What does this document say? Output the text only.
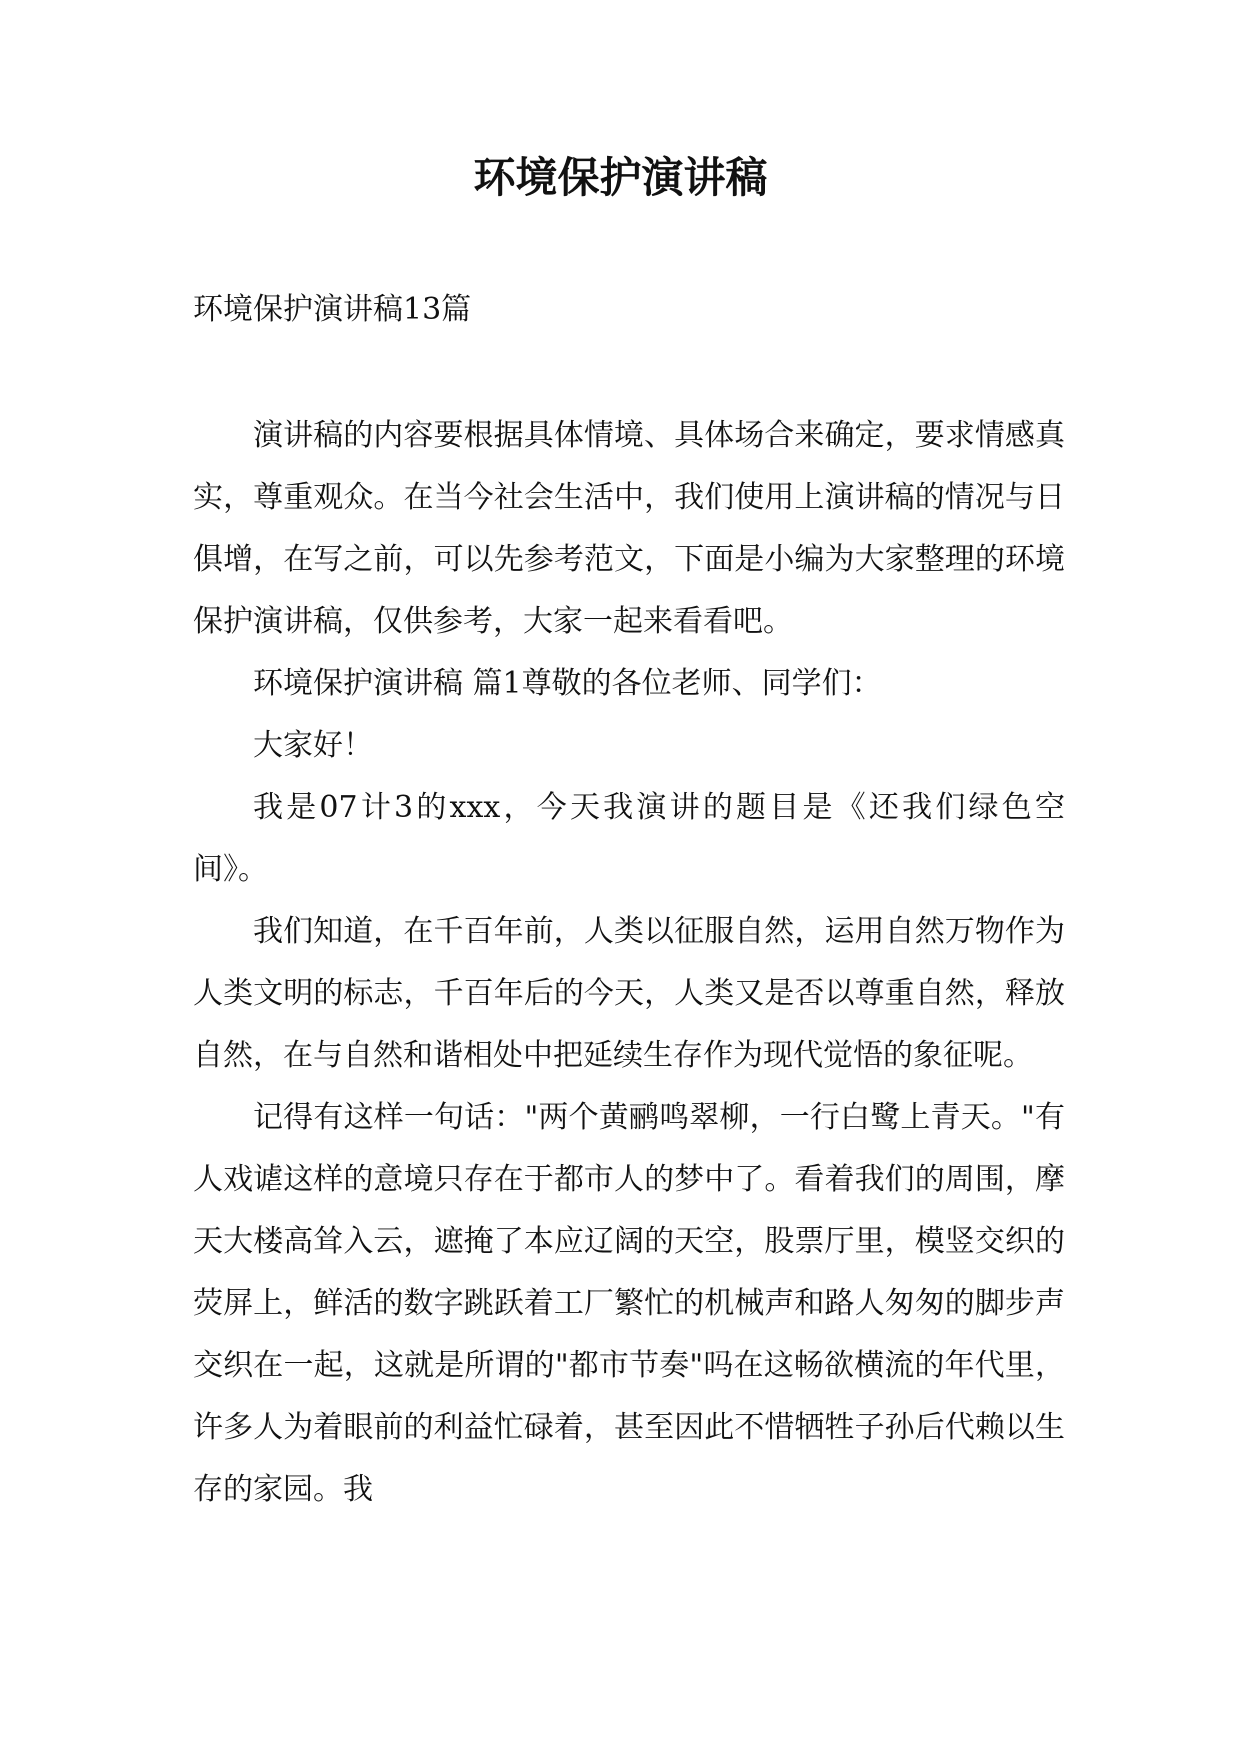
环境保护演讲稿

环境保护演讲稿13篇

演讲稿的内容要根据具体情境、具体场合来确定，要求情感真实，尊重观众。在当今社会生活中，我们使用上演讲稿的情况与日俱增，在写之前，可以先参考范文，下面是小编为大家整理的环境保护演讲稿，仅供参考，大家一起来看看吧。

环境保护演讲稿 篇1尊敬的各位老师、同学们：

大家好！

我是07计3的xxx，今天我演讲的题目是《还我们绿色空间》。

我们知道，在千百年前，人类以征服自然，运用自然万物作为人类文明的标志，千百年后的今天，人类又是否以尊重自然，释放自然，在与自然和谐相处中把延续生存作为现代觉悟的象征呢。

记得有这样一句话："两个黄鹂鸣翠柳，一行白鹭上青天。"有人戏谑这样的意境只存在于都市人的梦中了。看着我们的周围，摩天大楼高耸入云，遮掩了本应辽阔的天空，股票厅里，模竖交织的荧屏上，鲜活的数字跳跃着工厂繁忙的机械声和路人匆匆的脚步声交织在一起，这就是所谓的"都市节奏"吗在这畅欲横流的年代里，许多人为着眼前的利益忙碌着，甚至因此不惜牺牲子孙后代赖以生存的家园。我
